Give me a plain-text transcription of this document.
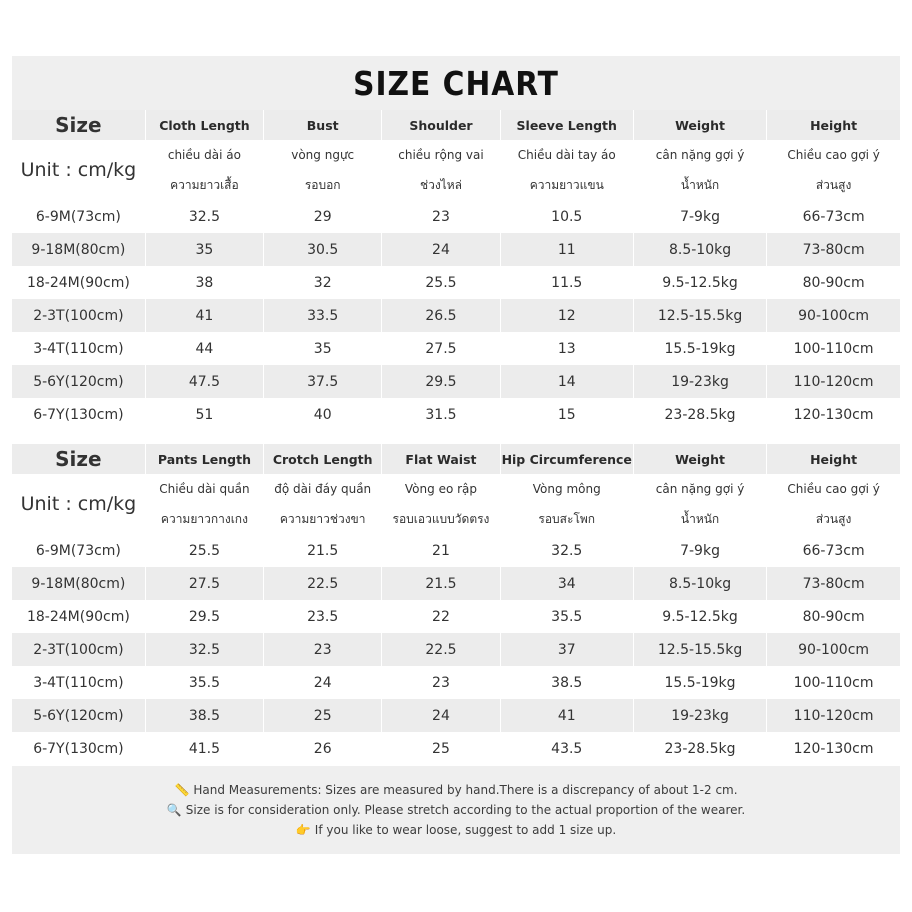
SIZE CHART
Size	Cloth Length	Bust	Shoulder	Sleeve Length	Weight	Height
Unit : cm/kg	chiều dài áo	vòng ngực	chiều rộng vai	Chiều dài tay áo	cân nặng gợi ý	Chiều cao gợi ý
	ความยาวเสื้อ	รอบอก	ช่วงไหล่	ความยาวแขน	น้ำหนัก	ส่วนสูง
6-9M(73cm)	32.5	29	23	10.5	7-9kg	66-73cm
9-18M(80cm)	35	30.5	24	11	8.5-10kg	73-80cm
18-24M(90cm)	38	32	25.5	11.5	9.5-12.5kg	80-90cm
2-3T(100cm)	41	33.5	26.5	12	12.5-15.5kg	90-100cm
3-4T(110cm)	44	35	27.5	13	15.5-19kg	100-110cm
5-6Y(120cm)	47.5	37.5	29.5	14	19-23kg	110-120cm
6-7Y(130cm)	51	40	31.5	15	23-28.5kg	120-130cm
Size	Pants Length	Crotch Length	Flat Waist	Hip Circumference	Weight	Height
Unit : cm/kg	Chiều dài quần	độ dài đáy quần	Vòng eo rập	Vòng mông	cân nặng gợi ý	Chiều cao gợi ý
	ความยาวกางเกง	ความยาวช่วงขา	รอบเอวแบบวัดตรง	รอบสะโพก	น้ำหนัก	ส่วนสูง
6-9M(73cm)	25.5	21.5	21	32.5	7-9kg	66-73cm
9-18M(80cm)	27.5	22.5	21.5	34	8.5-10kg	73-80cm
18-24M(90cm)	29.5	23.5	22	35.5	9.5-12.5kg	80-90cm
2-3T(100cm)	32.5	23	22.5	37	12.5-15.5kg	90-100cm
3-4T(110cm)	35.5	24	23	38.5	15.5-19kg	100-110cm
5-6Y(120cm)	38.5	25	24	41	19-23kg	110-120cm
6-7Y(130cm)	41.5	26	25	43.5	23-28.5kg	120-130cm
📏 Hand Measurements: Sizes are measured by hand.There is a discrepancy of about 1-2 cm.
🔍 Size is for consideration only. Please stretch according to the actual proportion of the wearer.
👉 If you like to wear loose, suggest to add 1 size up.
